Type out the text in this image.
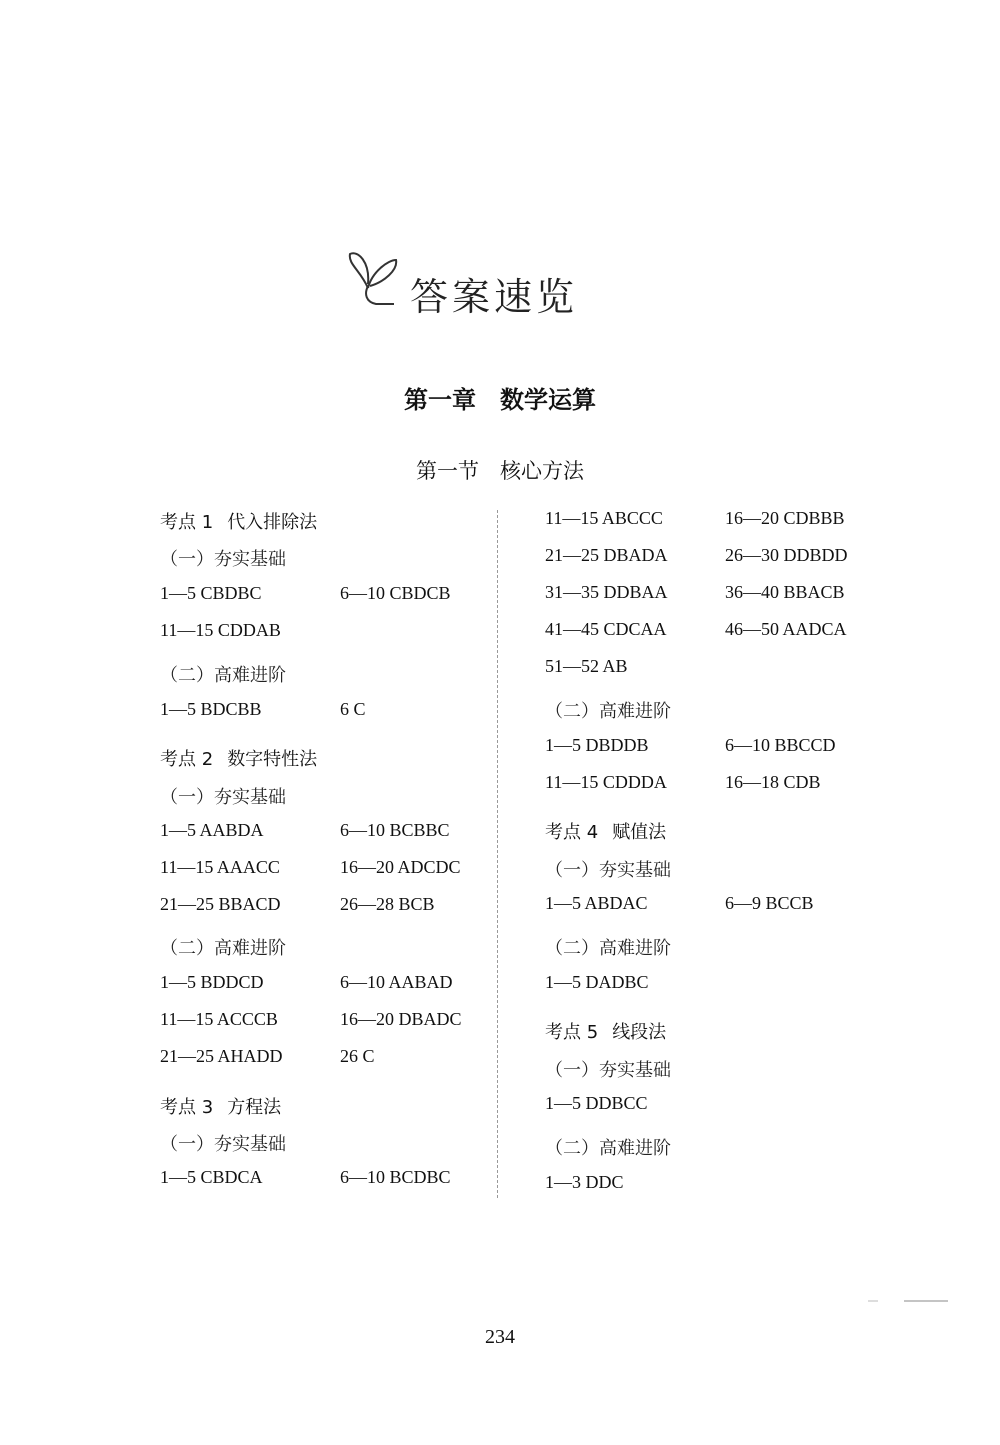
答案速览
第一章　数学运算
第一节　核心方法
考点 1 代入排除法
（一）夯实基础
1—5 CBDBC	6—10 CBDCB
11—15 CDDAB
（二）高难进阶
1—5 BDCBB	6 C
考点 2 数字特性法
（一）夯实基础
1—5 AABDA	6—10 BCBBC
11—15 AAACC	16—20 ADCDC
21—25 BBACD	26—28 BCB
（二）高难进阶
1—5 BDDCD	6—10 AABAD
11—15 ACCCB	16—20 DBADC
21—25 AHADD	26 C
考点 3 方程法
（一）夯实基础
1—5 CBDCA	6—10 BCDBC
11—15 ABCCC	16—20 CDBBB
21—25 DBADA	26—30 DDBDD
31—35 DDBAA	36—40 BBACB
41—45 CDCAA	46—50 AADCA
51—52 AB
（二）高难进阶
1—5 DBDDB	6—10 BBCCD
11—15 CDDDA	16—18 CDB
考点 4 赋值法
（一）夯实基础
1—5 ABDAC	6—9 BCCB
（二）高难进阶
1—5 DADBC
考点 5 线段法
（一）夯实基础
1—5 DDBCC
（二）高难进阶
1—3 DDC
234
